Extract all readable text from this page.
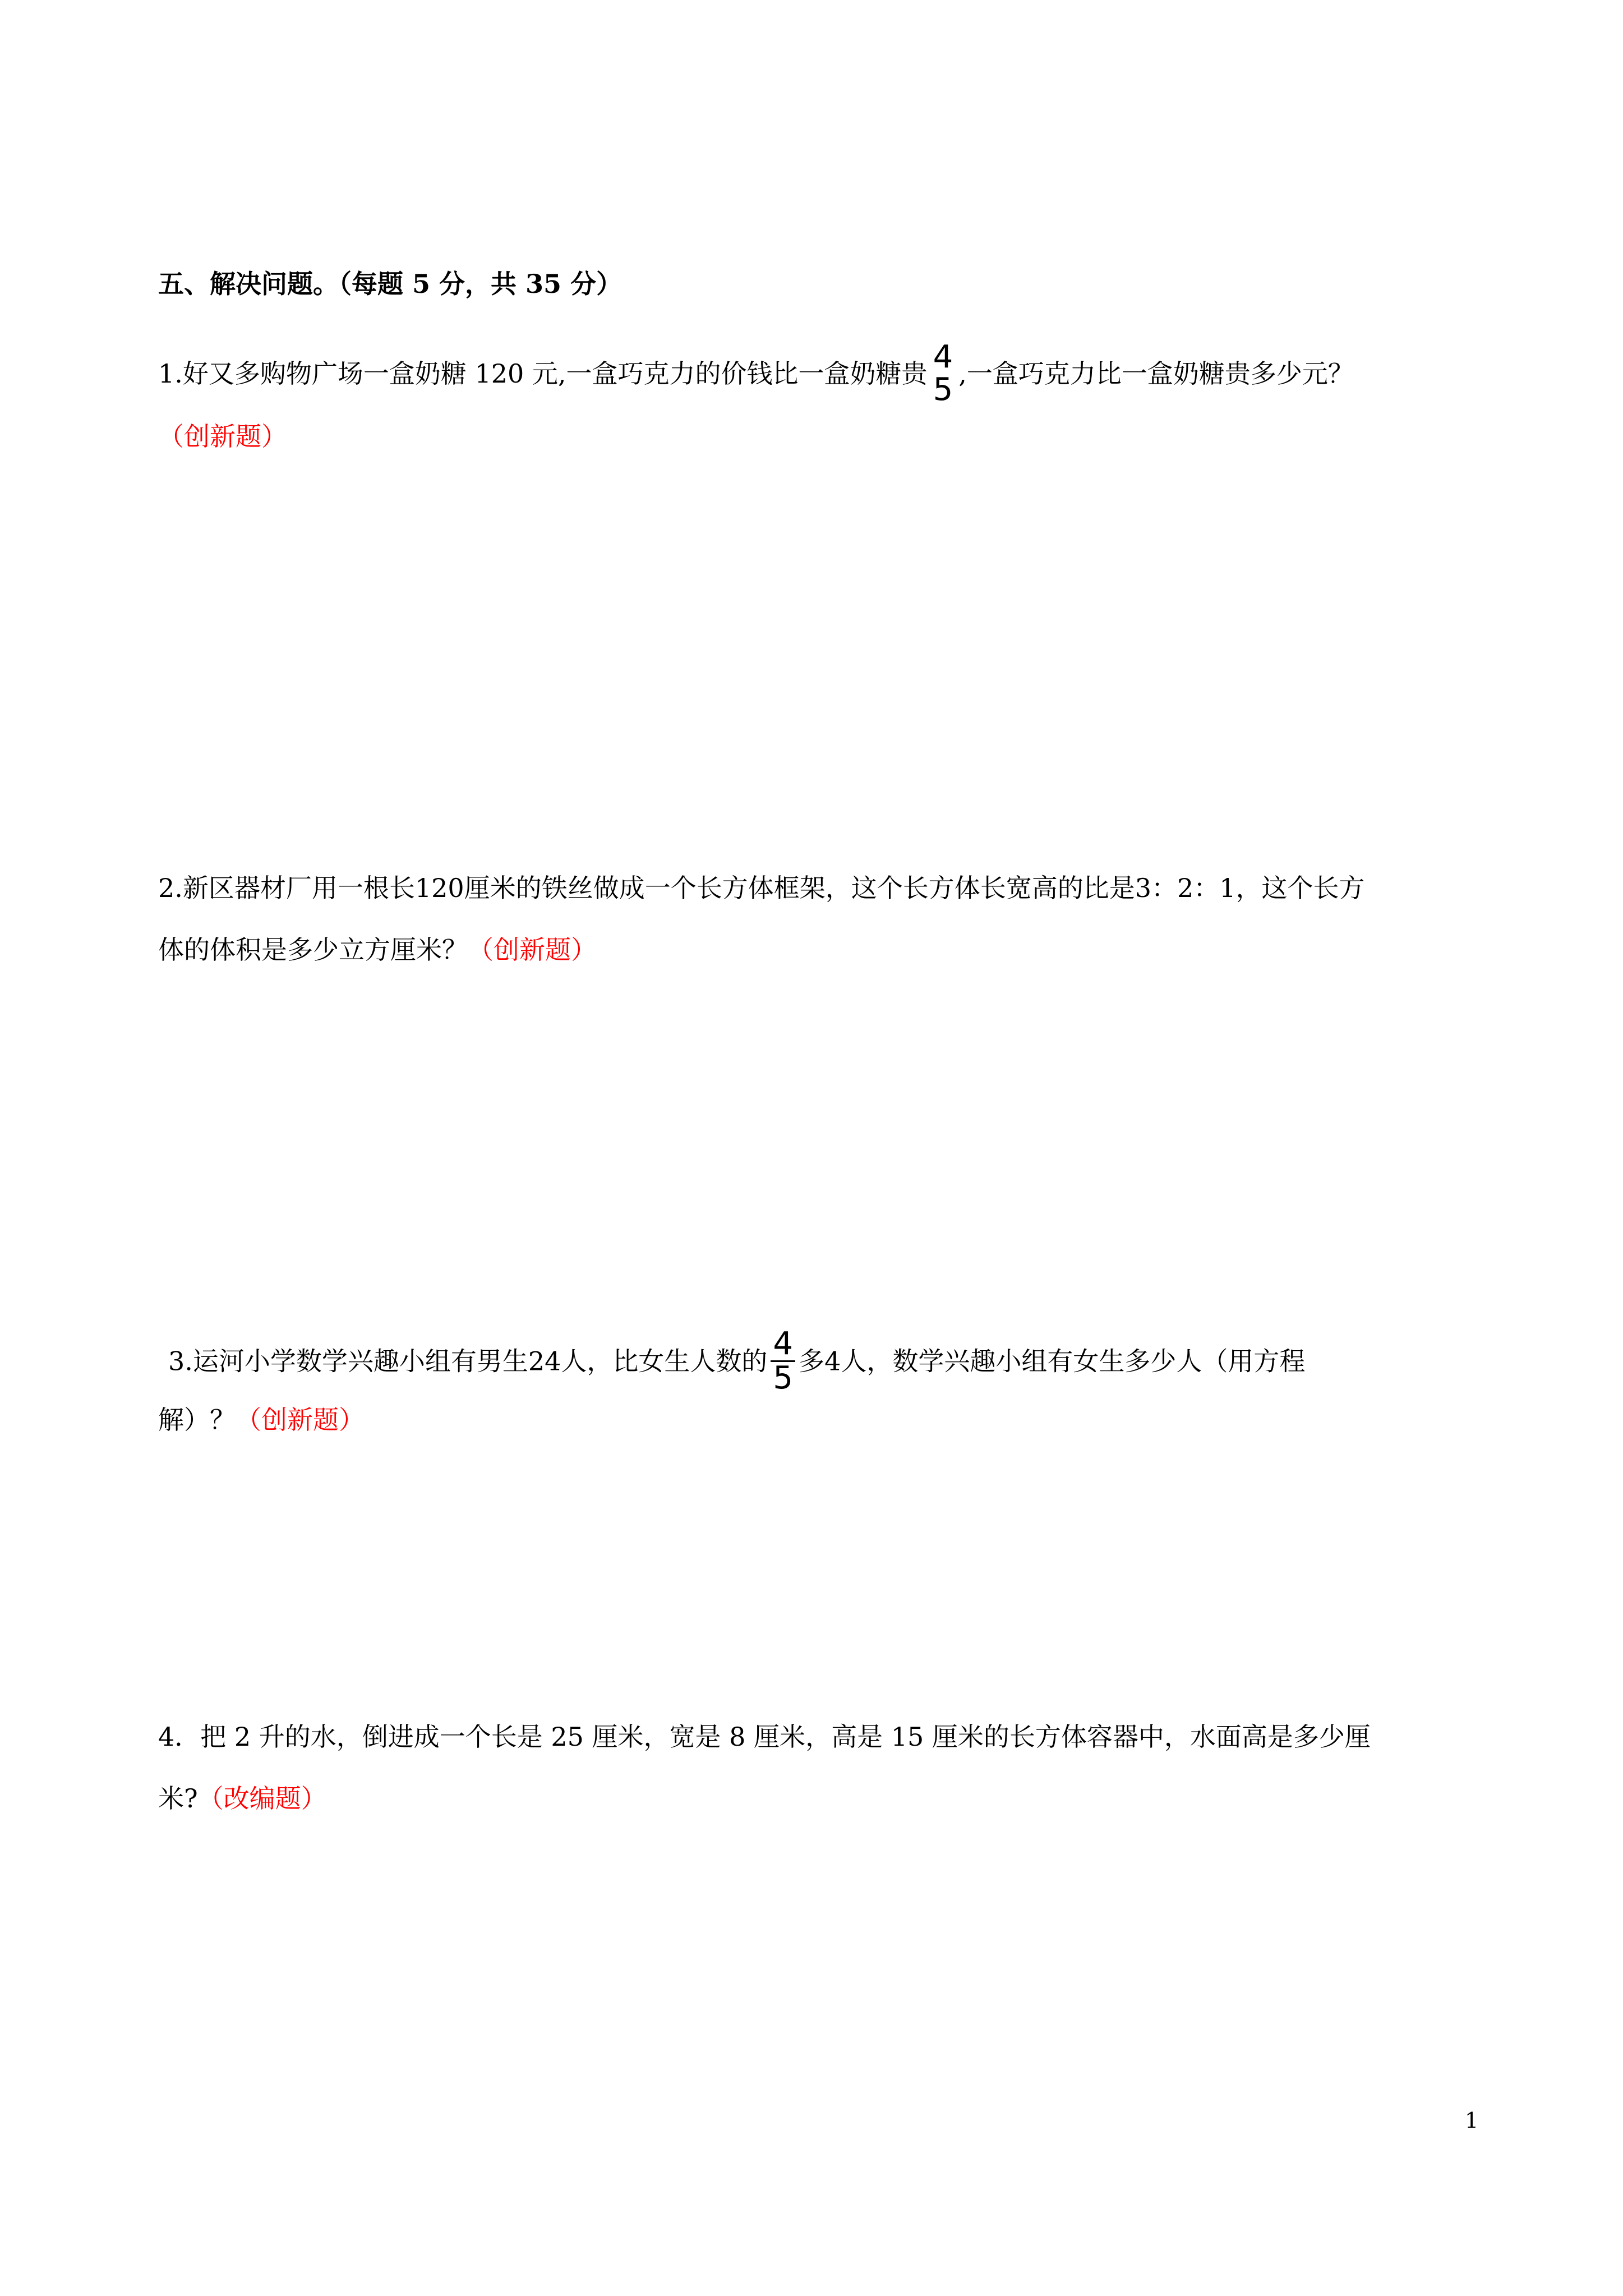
五、解决问题。（每题 5 分，共 35 分）
1.好又多购物广场一盒奶糖 120 元,一盒巧克力的价钱比一盒奶糖贵 4
5 ,一盒巧克力比一盒奶糖贵多少元？
（创新题）
2.新区器材厂用一根长120厘米的铁丝做成一个长方体框架，这个长方体长宽高的比是3：2：1，这个长方
体的体积是多少立方厘米？（创新题）
3.运河小学数学兴趣小组有男生24人，比女生人数的 $\frac{4}{5}$ 多4人，数学兴趣小组有女生多少人（用方程
解）？（创新题）
4．把 2 升的水，倒进成一个长是 25 厘米，宽是 8 厘米，高是 15 厘米的长方体容器中，水面高是多少厘
米?（改编题）
1
